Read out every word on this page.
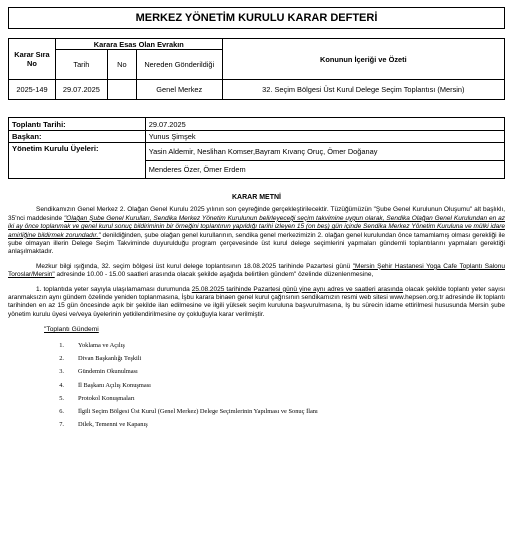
MERKEZ YÖNETİM KURULU KARAR DEFTERİ
Karar Sıra No	Karara Esas Olan Evrakın			Konunun İçeriği ve Özeti
	Tarih	No	Nereden Gönderildiği	
2025-149	29.07.2025		Genel Merkez	32. Seçim Bölgesi Üst Kurul Delege Seçim Toplantısı (Mersin)
Toplantı Tarihi:	29.07.2025
Başkan:	Yunus Şimşek
Yönetim Kurulu Üyeleri:	Yasin Aldemir, Neslihan Komser,Bayram Kıvanç Oruç, Ömer Doğanay
	Menderes Özer, Ömer Erdem
KARAR METNİ

Sendikamızın Genel Merkez 2. Olağan Genel Kurulu 2025 yılının son çeyreğinde gerçekleştirilecektir. Tüzüğümüzün "Şube Genel Kurulunun Oluşumu" alt başlıklı, 35'nci maddesinde "Olağan Şube Genel Kurulları, Sendika Merkez Yönetim Kurulunun belirleyeceği seçim takvimine uygun olarak, Sendika Olağan Genel Kurulundan en az iki ay önce toplanmak ve genel kurul sonuç bildiriminin bir örneğini toplantının yapıldığı tarihi izleyen 15 (on beş) gün içinde Sendika Merkez Yönetim Kuruluna ve mülki idare amirliğine bildirmek zorundadır." denildiğinden, şube olağan genel kurullarının, sendika genel merkezimizin 2. olağan genel kurulundan önce tamamlamış olması gerekliği ile şube olmayan illerin Delege Seçim Takviminde duyurulduğu program çerçevesinde üst kurul delege seçimlerini yapmaları gündemli toplantılarını yapmaları gerektiği anlaşılmaktadır.

Mezkur bilgi ışığında, 32. seçim bölgesi üst kurul delege toplantısının 18.08.2025 tarihinde Pazartesi günü "Mersin Şehir Hastanesi Yoga Cafe Toplantı Salonu Toroslar/Mersin" adresinde 10.00 - 15.00 saatleri arasında olacak şekilde aşağıda belirtilen gündem" özelinde düzenlenmesine,

1. toplantıda yeter sayıyla ulaşılamaması durumunda 25.08.2025 tarihinde Pazartesi günü yine aynı adres ve saatleri arasında olacak şekilde toplantı yeter sayısı aranmaksızın aynı gündem özelinde yeniden toplanmasına, İşbu karara binaen genel kurul çağrısının sendikamızın resmi web sitesi www.hepsen.org.tr adresinde ilk toplantı tarihinden en az 15 gün öncesinde açık bir şekilde ilan edilmesine ve ilgili yüksek seçim kuruluna başvurulmasına, Iş bu sürecin idame ettirilmesi hususunda Mersin şube yönetim kurulu üyesi ve/veya üyelerinin yetkilendirilmesine oy çokluğuyla karar verilmiştir.

"Toplantı Gündemi
1.	Yoklama ve Açılış
2.	Divan Başkanlığı Teşkili
3.	Gündemin Okunulması
4.	İl Başkanı Açılış Konuşması
5.	Protokol Konuşmaları
6.	İlgili Seçim Bölgesi Üst Kurul (Genel Merkez) Delege Seçimlerinin Yapılması ve Sonuç İlanı
7.	Dilek, Temenni ve Kapanış
